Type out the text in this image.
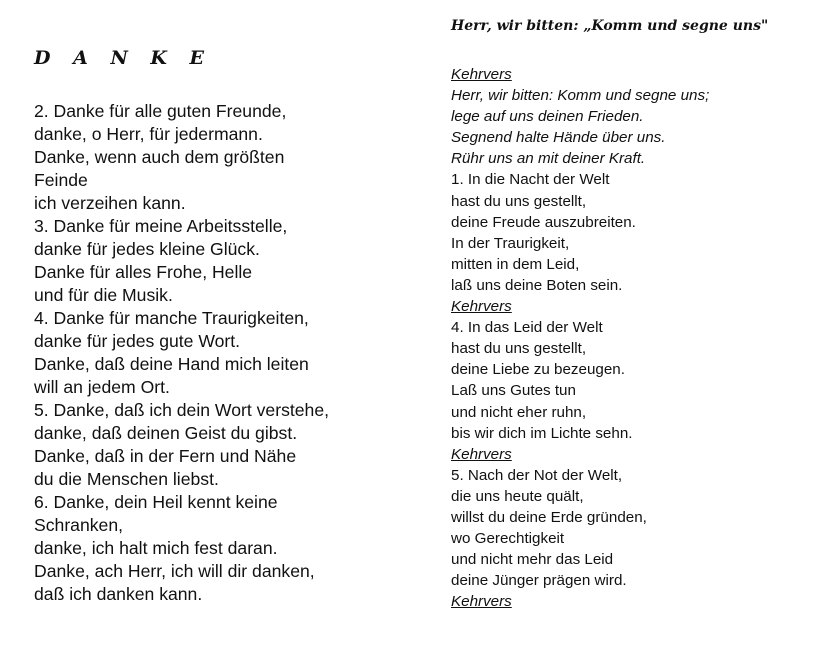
D A N K E
2. Danke für alle guten Freunde,
danke, o Herr, für jedermann.
Danke, wenn auch dem größten
Feinde
ich verzeihen kann.
3. Danke für meine Arbeitsstelle,
danke für jedes kleine Glück.
Danke für alles Frohe, Helle
und für die Musik.
4. Danke für manche Traurigkeiten,
danke für jedes gute Wort.
Danke, daß deine Hand mich leiten
will an jedem Ort.
5. Danke, daß ich dein Wort verstehe,
danke, daß deinen Geist du gibst.
Danke, daß in der Fern und Nähe
du die Menschen liebst.
6. Danke, dein Heil kennt keine
Schranken,
danke, ich halt mich fest daran.
Danke, ach Herr, ich will dir danken,
daß ich danken kann.
Herr, wir bitten: „Komm und segne uns"
Kehrvers
Herr, wir bitten: Komm und segne uns;
lege auf uns deinen Frieden.
Segnend halte Hände über uns.
Rühr uns an mit deiner Kraft.
1. In die Nacht der Welt
hast du uns gestellt,
deine Freude auszubreiten.
In der Traurigkeit,
mitten in dem Leid,
laß uns deine Boten sein.
Kehrvers
4. In das Leid der Welt
hast du uns gestellt,
deine Liebe zu bezeugen.
Laß uns Gutes tun
und nicht eher ruhn,
bis wir dich im Lichte sehn.
Kehrvers
5. Nach der Not der Welt,
die uns heute quält,
willst du deine Erde gründen,
wo Gerechtigkeit
und nicht mehr das Leid
deine Jünger prägen wird.
Kehrvers
